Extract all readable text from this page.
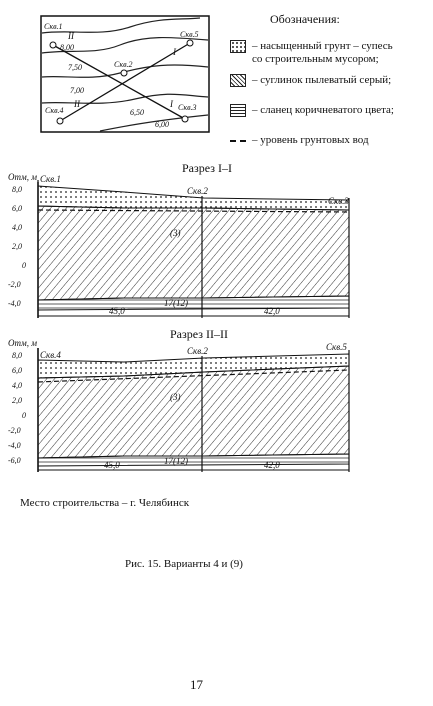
Скв.1
Скв.2
Скв.3
Скв.4
Скв.5
8,00
7,50
7,00
6,50
6,00
I
II	I
II
Обозначения:
– насыщенный грунт – супесь
со строительным мусором;
– суглинок пылеватый серый;
– сланец коричневатого цвета;
– уровень грунтовых вод
Разрез I–I
Отм, м
8,0
6,0
4,0
2,0
0
-2,0
-4,0
Скв.1
Скв.2
Скв.3
(3)
17(12)
45,0	42,0
Разрез II–II
Отм, м
8,0
6,0
4,0
2,0
0
-2,0
-4,0
-6,0
Скв.4	Скв.2	Скв.5
(3)
17(12)
45,0	42,0
Место строительства – г. Челябинск
Рис. 15. Варианты 4 и (9)
17
